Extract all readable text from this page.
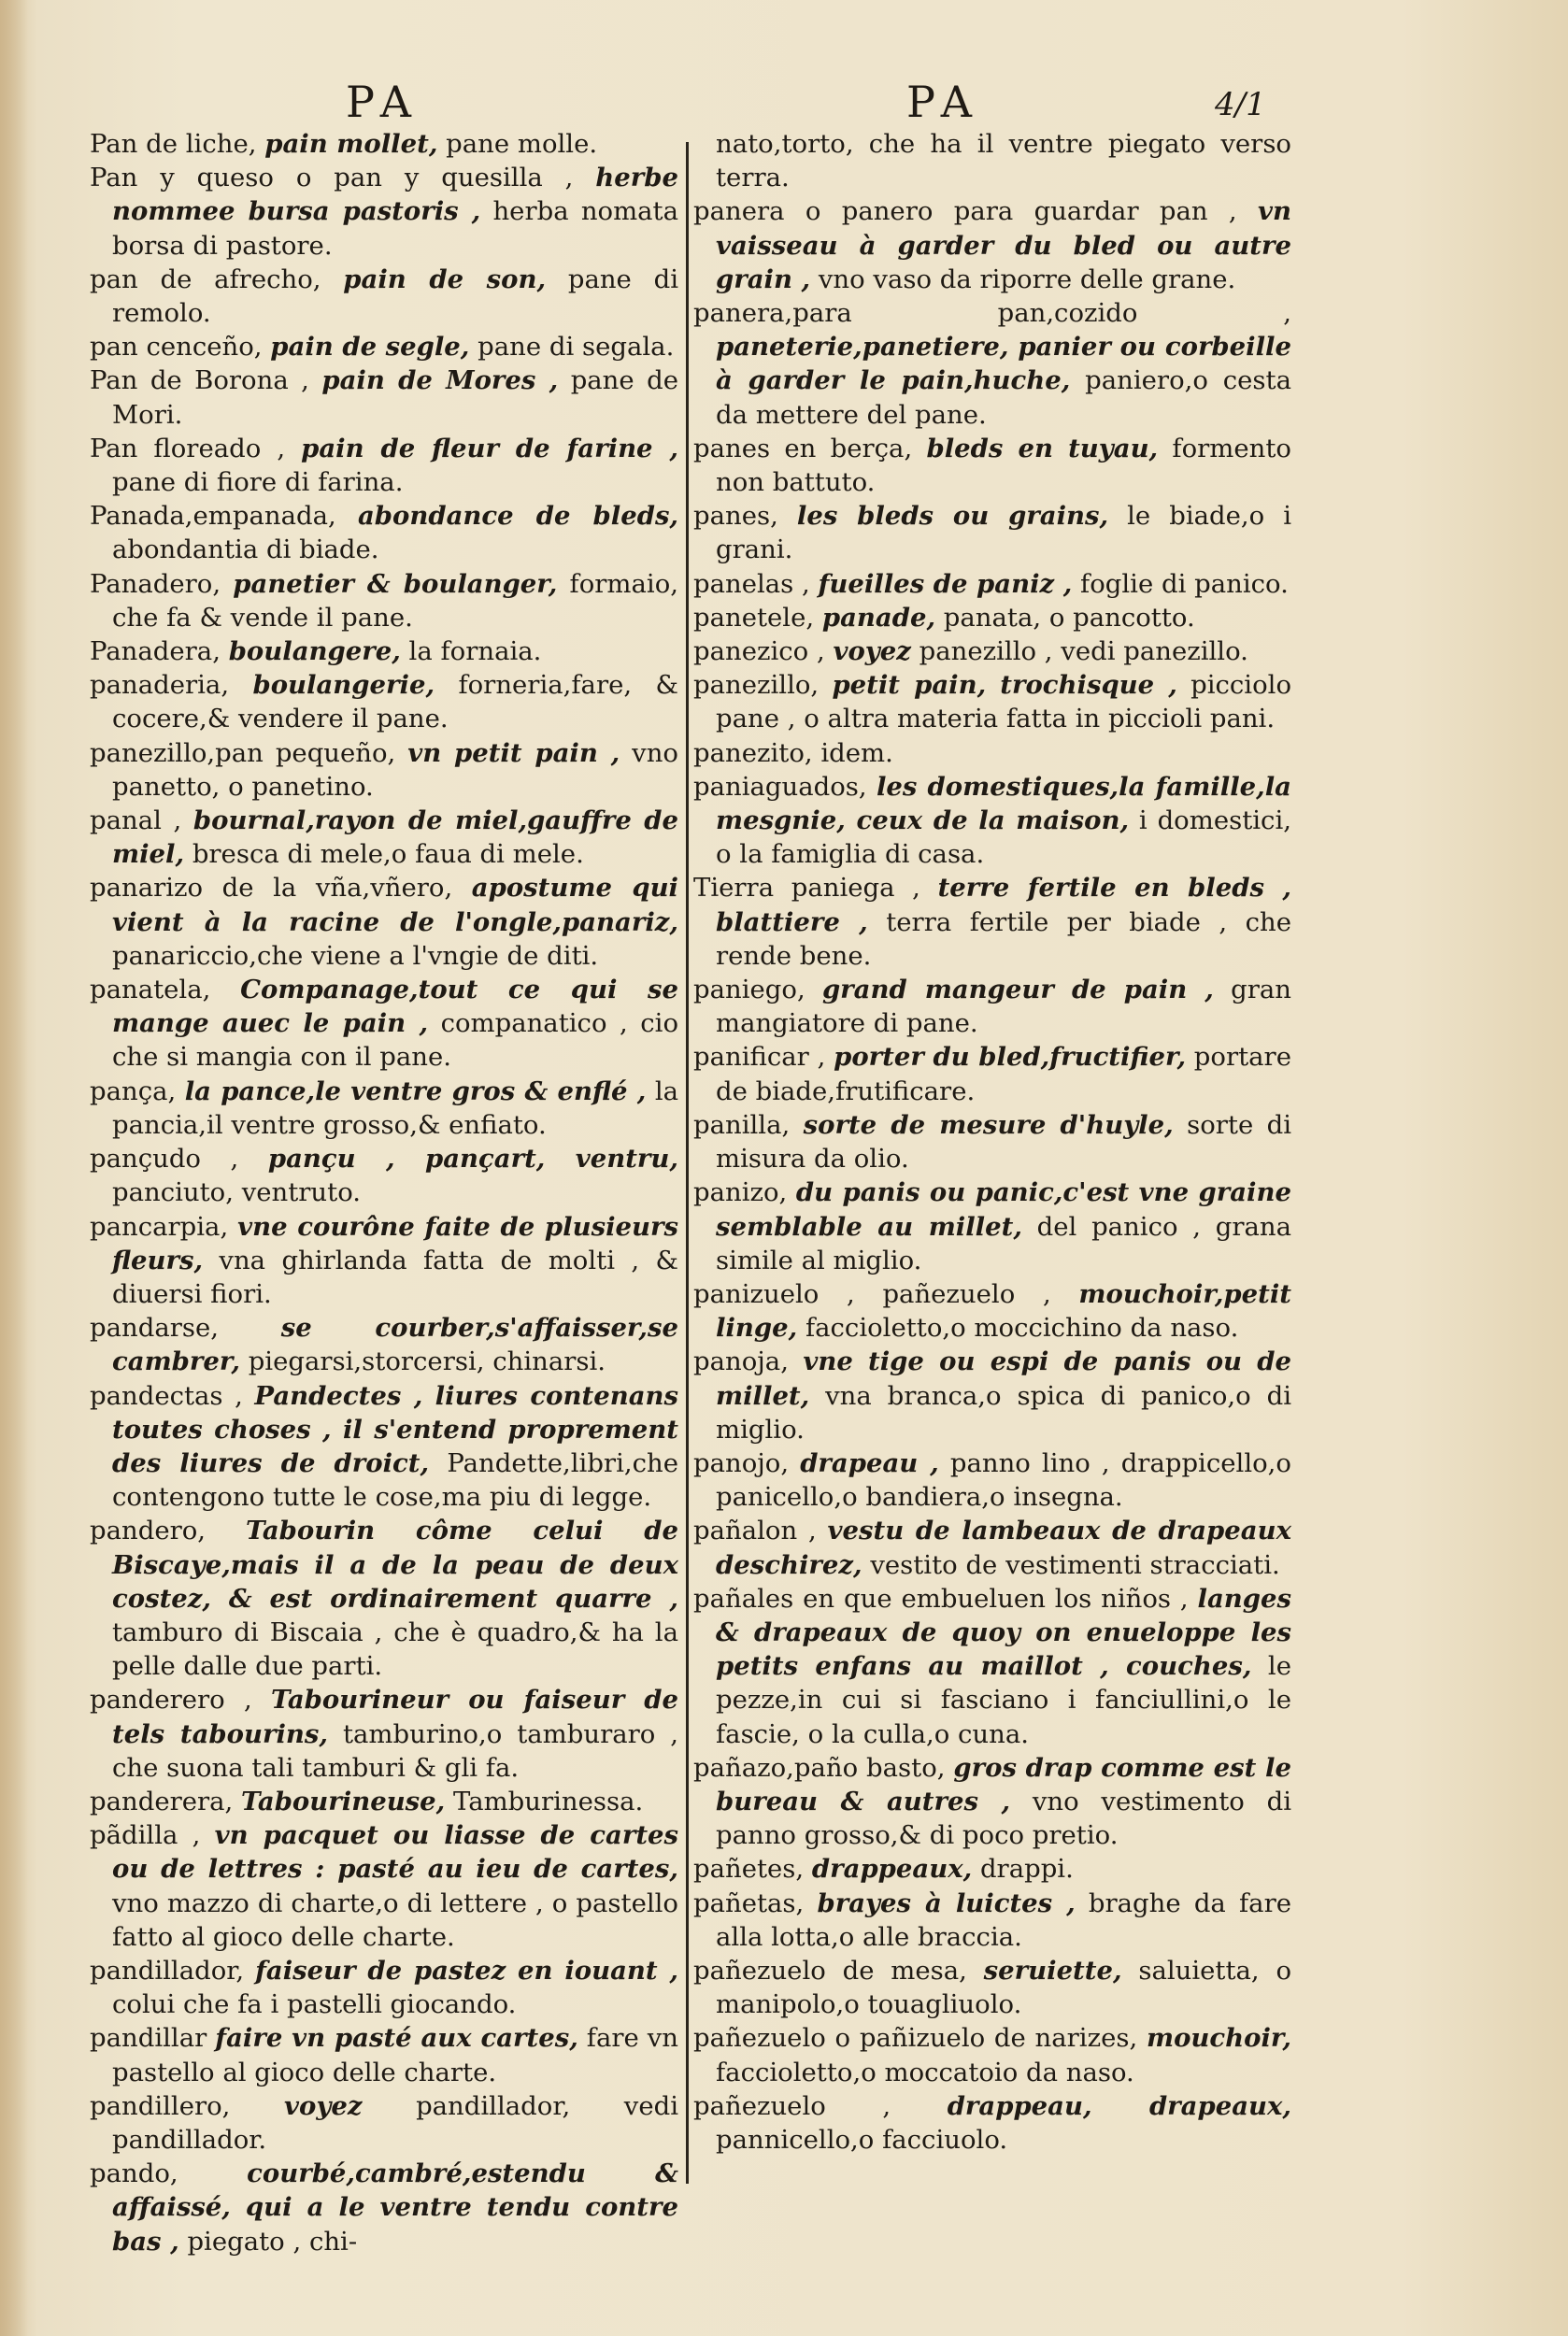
PA	PA	4/1

Pan de liche, pain mollet, pane molle.

Pan y queso o pan y quesilla , herbe nommee bursa pastoris , herba nomata borsa di pastore.

pan de afrecho, pain de son, pane di remolo.

pan cenceño, pain de segle, pane di segala.

Pan de Borona , pain de Mores , pane de Mori.

Pan floreado , pain de fleur de farine , pane di fiore di farina.

Panada,empanada, abondance de bleds, abondantia di biade.

Panadero, panetier & boulanger, formaio, che fa & vende il pane.

Panadera, boulangere, la fornaia.

panaderia, boulangerie, forneria,fare, & cocere,& vendere il pane.

panezillo,pan pequeño, vn petit pain , vno panetto, o panetino.

panal , bournal,rayon de miel,gauffre de miel, bresca di mele,o faua di mele.

panarizo de la vña,vñero, apostume qui vient à la racine de l'ongle,panariz, panariccio,che viene a l'vngie de diti.

panatela, Companage,tout ce qui se mange auec le pain , companatico , cio che si mangia con il pane.

pança, la pance,le ventre gros & enflé , la pancia,il ventre grosso,& enfiato.

pançudo , pançu , pançart, ventru, panciuto, ventruto.

pancarpia, vne courône faite de plusieurs fleurs, vna ghirlanda fatta de molti , & diuersi fiori.

pandarse, se courber,s'affaisser,se cambrer, piegarsi,storcersi, chinarsi.

pandectas , Pandectes , liures contenans toutes choses , il s'entend proprement des liures de droict, Pandette,libri,che contengono tutte le cose,ma piu di legge.

pandero, Tabourin côme celui de Biscaye,mais il a de la peau de deux costez, & est ordinairement quarre , tamburo di Biscaia , che è quadro,& ha la pelle dalle due parti.

panderero , Tabourineur ou faiseur de tels tabourins, tamburino,o tamburaro , che suona tali tamburi & gli fa.

panderera, Tabourineuse, Tamburinessa.

pãdilla , vn pacquet ou liasse de cartes ou de lettres : pasté au ieu de cartes, vno mazzo di charte,o di lettere , o pastello fatto al gioco delle charte.

pandillador, faiseur de pastez en iouant , colui che fa i pastelli giocando.

pandillar faire vn pasté aux cartes, fare vn pastello al gioco delle charte.

pandillero, voyez pandillador, vedi pandillador.

pando,	courbé,cambré,estendu & affaissé, qui a le ventre tendu contre bas , piegato , chi-

nato,torto, che ha il ventre piegato verso terra.

panera o panero para guardar pan , vn vaisseau à garder du bled ou autre grain , vno vaso da riporre delle grane.

panera,para pan,cozido , paneterie,panetiere, panier ou corbeille à garder le pain,huche, paniero,o cesta da mettere del pane.

panes en berça, bleds en tuyau, formento non battuto.

panes, les bleds ou grains, le biade,o i grani.

panelas , fueilles de paniz , foglie di panico.

panetele, panade, panata, o pancotto.

panezico , voyez panezillo , vedi panezillo.

panezillo, petit pain, trochisque , picciolo pane , o altra materia fatta in piccioli pani.

panezito, idem.

paniaguados, les domestiques,la famille,la mesgnie, ceux de la maison, i domestici, o la famiglia di casa.

Tierra paniega , terre fertile en bleds , blattiere , terra fertile per biade , che rende bene.

paniego, grand mangeur de pain , gran mangiatore di pane.

panificar , porter du bled,fructifier, portare de biade,frutificare.

panilla, sorte de mesure d'huyle, sorte di misura da olio.

panizo, du panis ou panic,c'est vne graine semblable au millet, del panico , grana simile al miglio.

panizuelo , pañezuelo , mouchoir,petit linge, faccioletto,o moccichino da naso.

panoja, vne tige ou espi de panis ou de millet, vna branca,o spica di panico,o di miglio.

panojo, drapeau , panno lino , drappicello,o panicello,o bandiera,o insegna.

pañalon , vestu de lambeaux de drapeaux deschirez, vestito de vestimenti stracciati.

pañales en que embueluen los niños , langes & drapeaux de quoy on enueloppe les petits enfans au maillot , couches, le pezze,in cui si fasciano i fanciullini,o le fascie, o la culla,o cuna.

pañazo,paño basto, gros drap comme est le bureau & autres , vno vestimento di panno grosso,& di poco pretio.

pañetes, drappeaux, drappi.

pañetas, brayes à luictes , braghe da fare alla lotta,o alle braccia.

pañezuelo de mesa, seruiette, saluietta, o manipolo,o touagliuolo.

pañezuelo o pañizuelo de narizes, mouchoir, faccioletto,o moccatoio da naso.

pañezuelo , drappeau, drapeaux, pannicello,o facciuolo.
